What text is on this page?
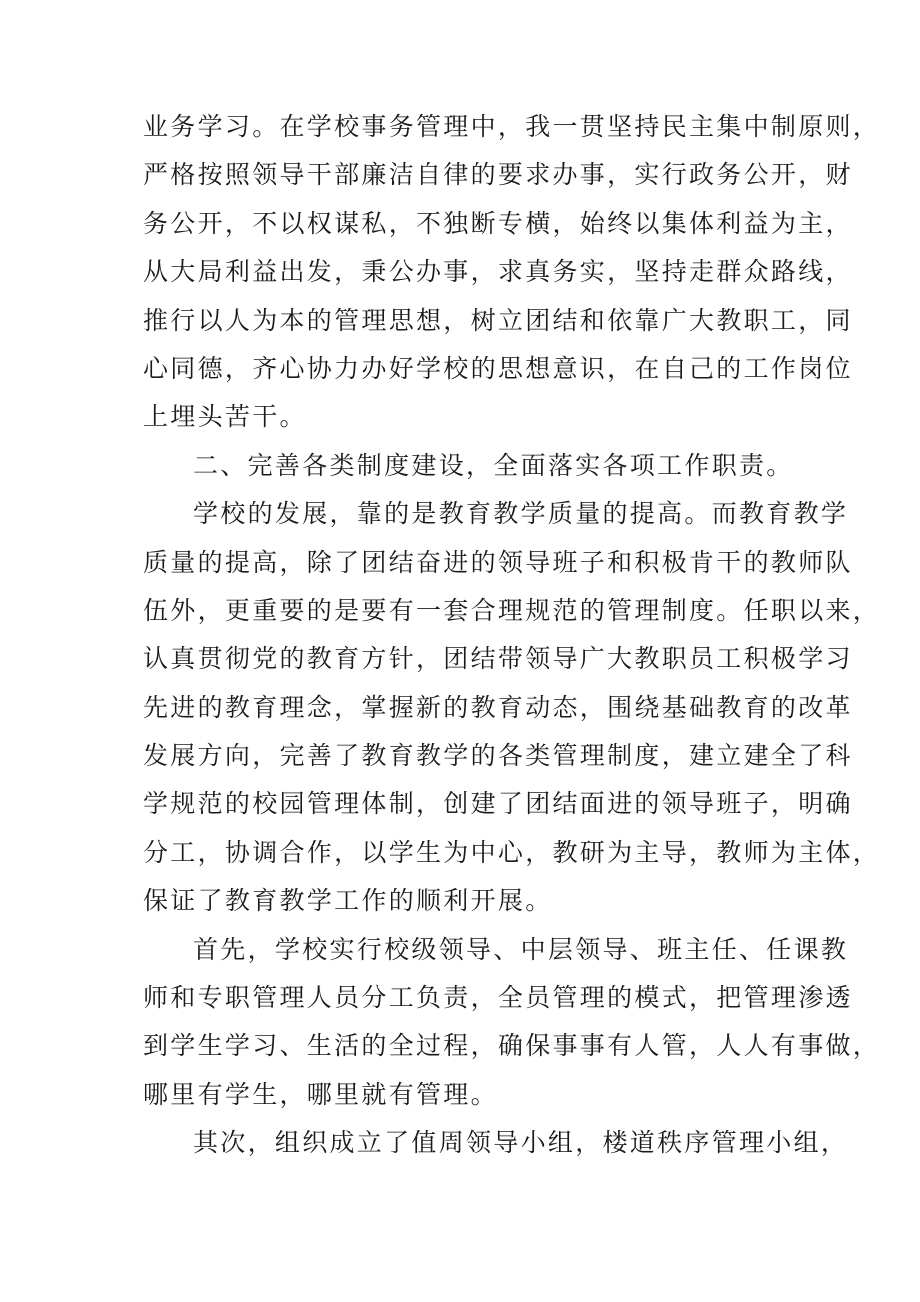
业务学习。在学校事务管理中，我一贯坚持民主集中制原则，
严格按照领导干部廉洁自律的要求办事，实行政务公开，财
务公开，不以权谋私，不独断专横，始终以集体利益为主，
从大局利益出发，秉公办事，求真务实，坚持走群众路线，
推行以人为本的管理思想，树立团结和依靠广大教职工，同
心同德，齐心协力办好学校的思想意识，在自己的工作岗位
上埋头苦干。
二、完善各类制度建设，全面落实各项工作职责。
学校的发展，靠的是教育教学质量的提高。而教育教学
质量的提高，除了团结奋进的领导班子和积极肯干的教师队
伍外，更重要的是要有一套合理规范的管理制度。任职以来，
认真贯彻党的教育方针，团结带领导广大教职员工积极学习
先进的教育理念，掌握新的教育动态，围绕基础教育的改革
发展方向，完善了教育教学的各类管理制度，建立建全了科
学规范的校园管理体制，创建了团结面进的领导班子，明确
分工，协调合作，以学生为中心，教研为主导，教师为主体，
保证了教育教学工作的顺利开展。
首先，学校实行校级领导、中层领导、班主任、任课教
师和专职管理人员分工负责，全员管理的模式，把管理渗透
到学生学习、生活的全过程，确保事事有人管，人人有事做，
哪里有学生，哪里就有管理。
其次，组织成立了值周领导小组，楼道秩序管理小组，
